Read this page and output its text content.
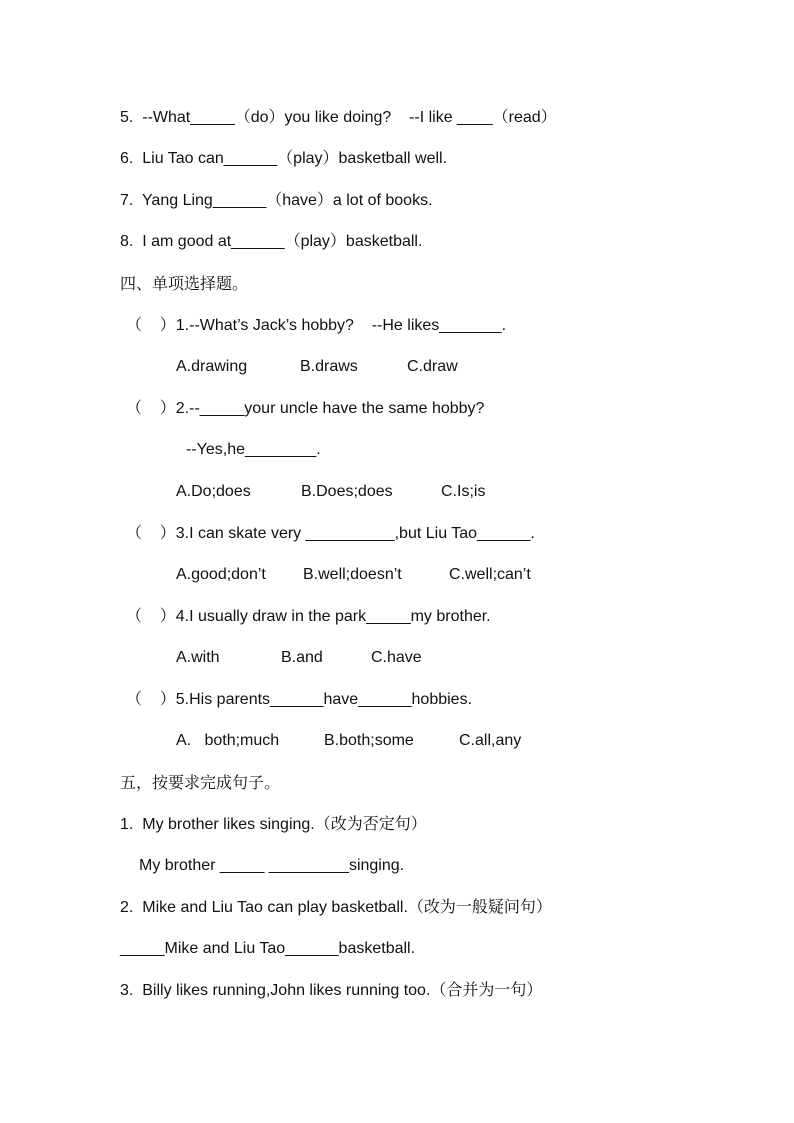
5.  --What_____（do）you like doing?    --I like ____（read）
6.  Liu Tao can______（play）basketball well.
7.  Yang Ling______（have）a lot of books.
8.  I am good at______（play）basketball.
四、单项选择题。
（    ）1.--What’s Jack’s hobby?    --He likes_______.
A.drawing	B.draws	C.draw
（    ）2.--_____your uncle have the same hobby?
--Yes,he________.
A.Do;does	B.Does;does	C.Is;is
（    ）3.I can skate very __________,but Liu Tao______.
A.good;don’t B.well;doesn’t	C.well;can’t
（    ）4.I usually draw in the park_____my brother.
A.with	B.and	C.have
（    ）5.His parents______have______hobbies.
A.   both;much	B.both;some	C.all,any
五，按要求完成句子。
1.  My brother likes singing.（改为否定句）
My brother _____ _________singing.
2.  Mike and Liu Tao can play basketball.（改为一般疑问句）
_____Mike and Liu Tao______basketball.
3.  Billy likes running,John likes running too.（合并为一句）
